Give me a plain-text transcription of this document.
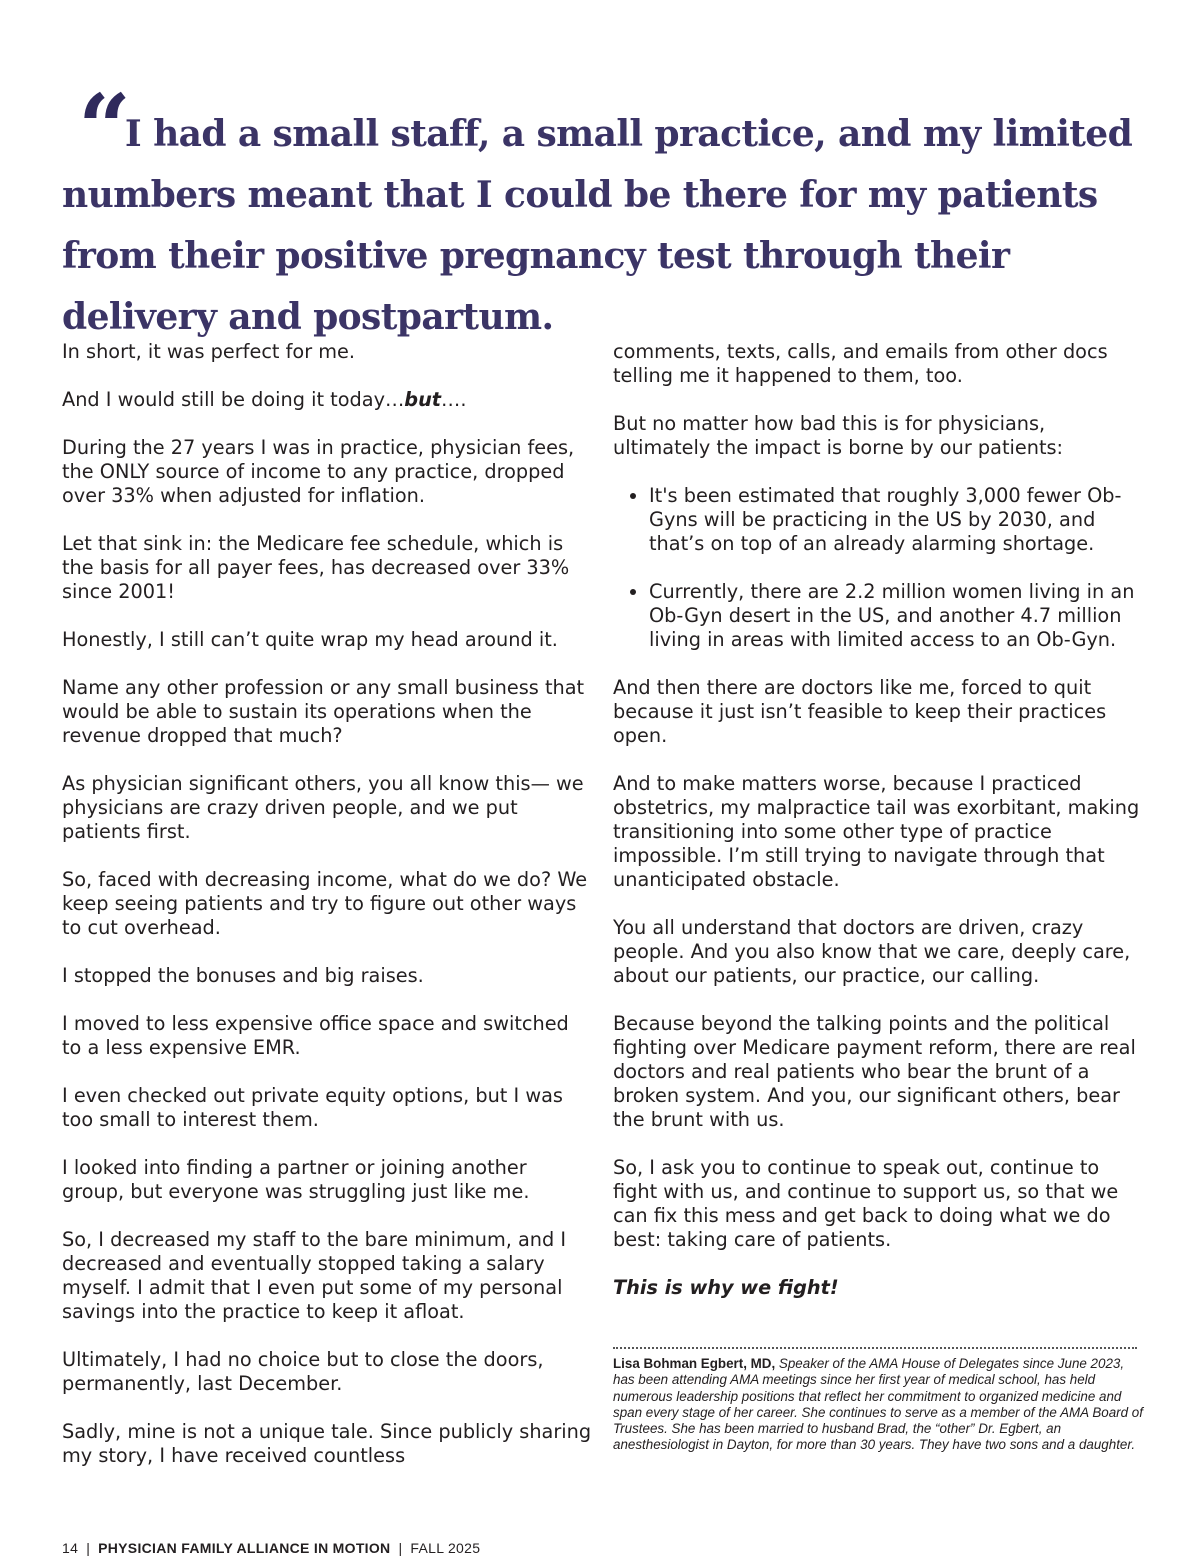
“I had a small staff, a small practice, and my limited numbers meant that I could be there for my patients from their positive pregnancy test through their delivery and postpartum.

In short, it was perfect for me.

And I would still be doing it today…but….

During the 27 years I was in practice, physician fees, the ONLY source of income to any practice, dropped over 33% when adjusted for inflation.

Let that sink in: the Medicare fee schedule, which is the basis for all payer fees, has decreased over 33% since 2001!

Honestly, I still can’t quite wrap my head around it.

Name any other profession or any small business that would be able to sustain its operations when the revenue dropped that much?

As physician significant others, you all know this— we physicians are crazy driven people, and we put patients first.

So, faced with decreasing income, what do we do? We keep seeing patients and try to figure out other ways to cut overhead.

I stopped the bonuses and big raises.

I moved to less expensive office space and switched to a less expensive EMR.

I even checked out private equity options, but I was too small to interest them.

I looked into finding a partner or joining another group, but everyone was struggling just like me.

So, I decreased my staff to the bare minimum, and I decreased and eventually stopped taking a salary myself. I admit that I even put some of my personal savings into the practice to keep it afloat.

Ultimately, I had no choice but to close the doors, permanently, last December.

Sadly, mine is not a unique tale. Since publicly sharing my story, I have received countless

comments, texts, calls, and emails from other docs telling me it happened to them, too.

But no matter how bad this is for physicians, ultimately the impact is borne by our patients:

• It's been estimated that roughly 3,000 fewer Ob-Gyns will be practicing in the US by 2030, and that’s on top of an already alarming shortage.
• Currently, there are 2.2 million women living in an Ob-Gyn desert in the US, and another 4.7 million living in areas with limited access to an Ob-Gyn.

And then there are doctors like me, forced to quit because it just isn’t feasible to keep their practices open.

And to make matters worse, because I practiced obstetrics, my malpractice tail was exorbitant, making transitioning into some other type of practice impossible. I’m still trying to navigate through that unanticipated obstacle.

You all understand that doctors are driven, crazy people. And you also know that we care, deeply care, about our patients, our practice, our calling.

Because beyond the talking points and the political fighting over Medicare payment reform, there are real doctors and real patients who bear the brunt of a broken system. And you, our significant others, bear the brunt with us.

So, I ask you to continue to speak out, continue to fight with us, and continue to support us, so that we can fix this mess and get back to doing what we do best: taking care of patients.

This is why we fight!

Lisa Bohman Egbert, MD, Speaker of the AMA House of Delegates since June 2023, has been attending AMA meetings since her first year of medical school, has held numerous leadership positions that reflect her commitment to organized medicine and span every stage of her career. She continues to serve as a member of the AMA Board of Trustees. She has been married to husband Brad, the “other” Dr. Egbert, an anesthesiologist in Dayton, for more than 30 years. They have two sons and a daughter.

14 | PHYSICIAN FAMILY ALLIANCE IN MOTION | FALL 2025
